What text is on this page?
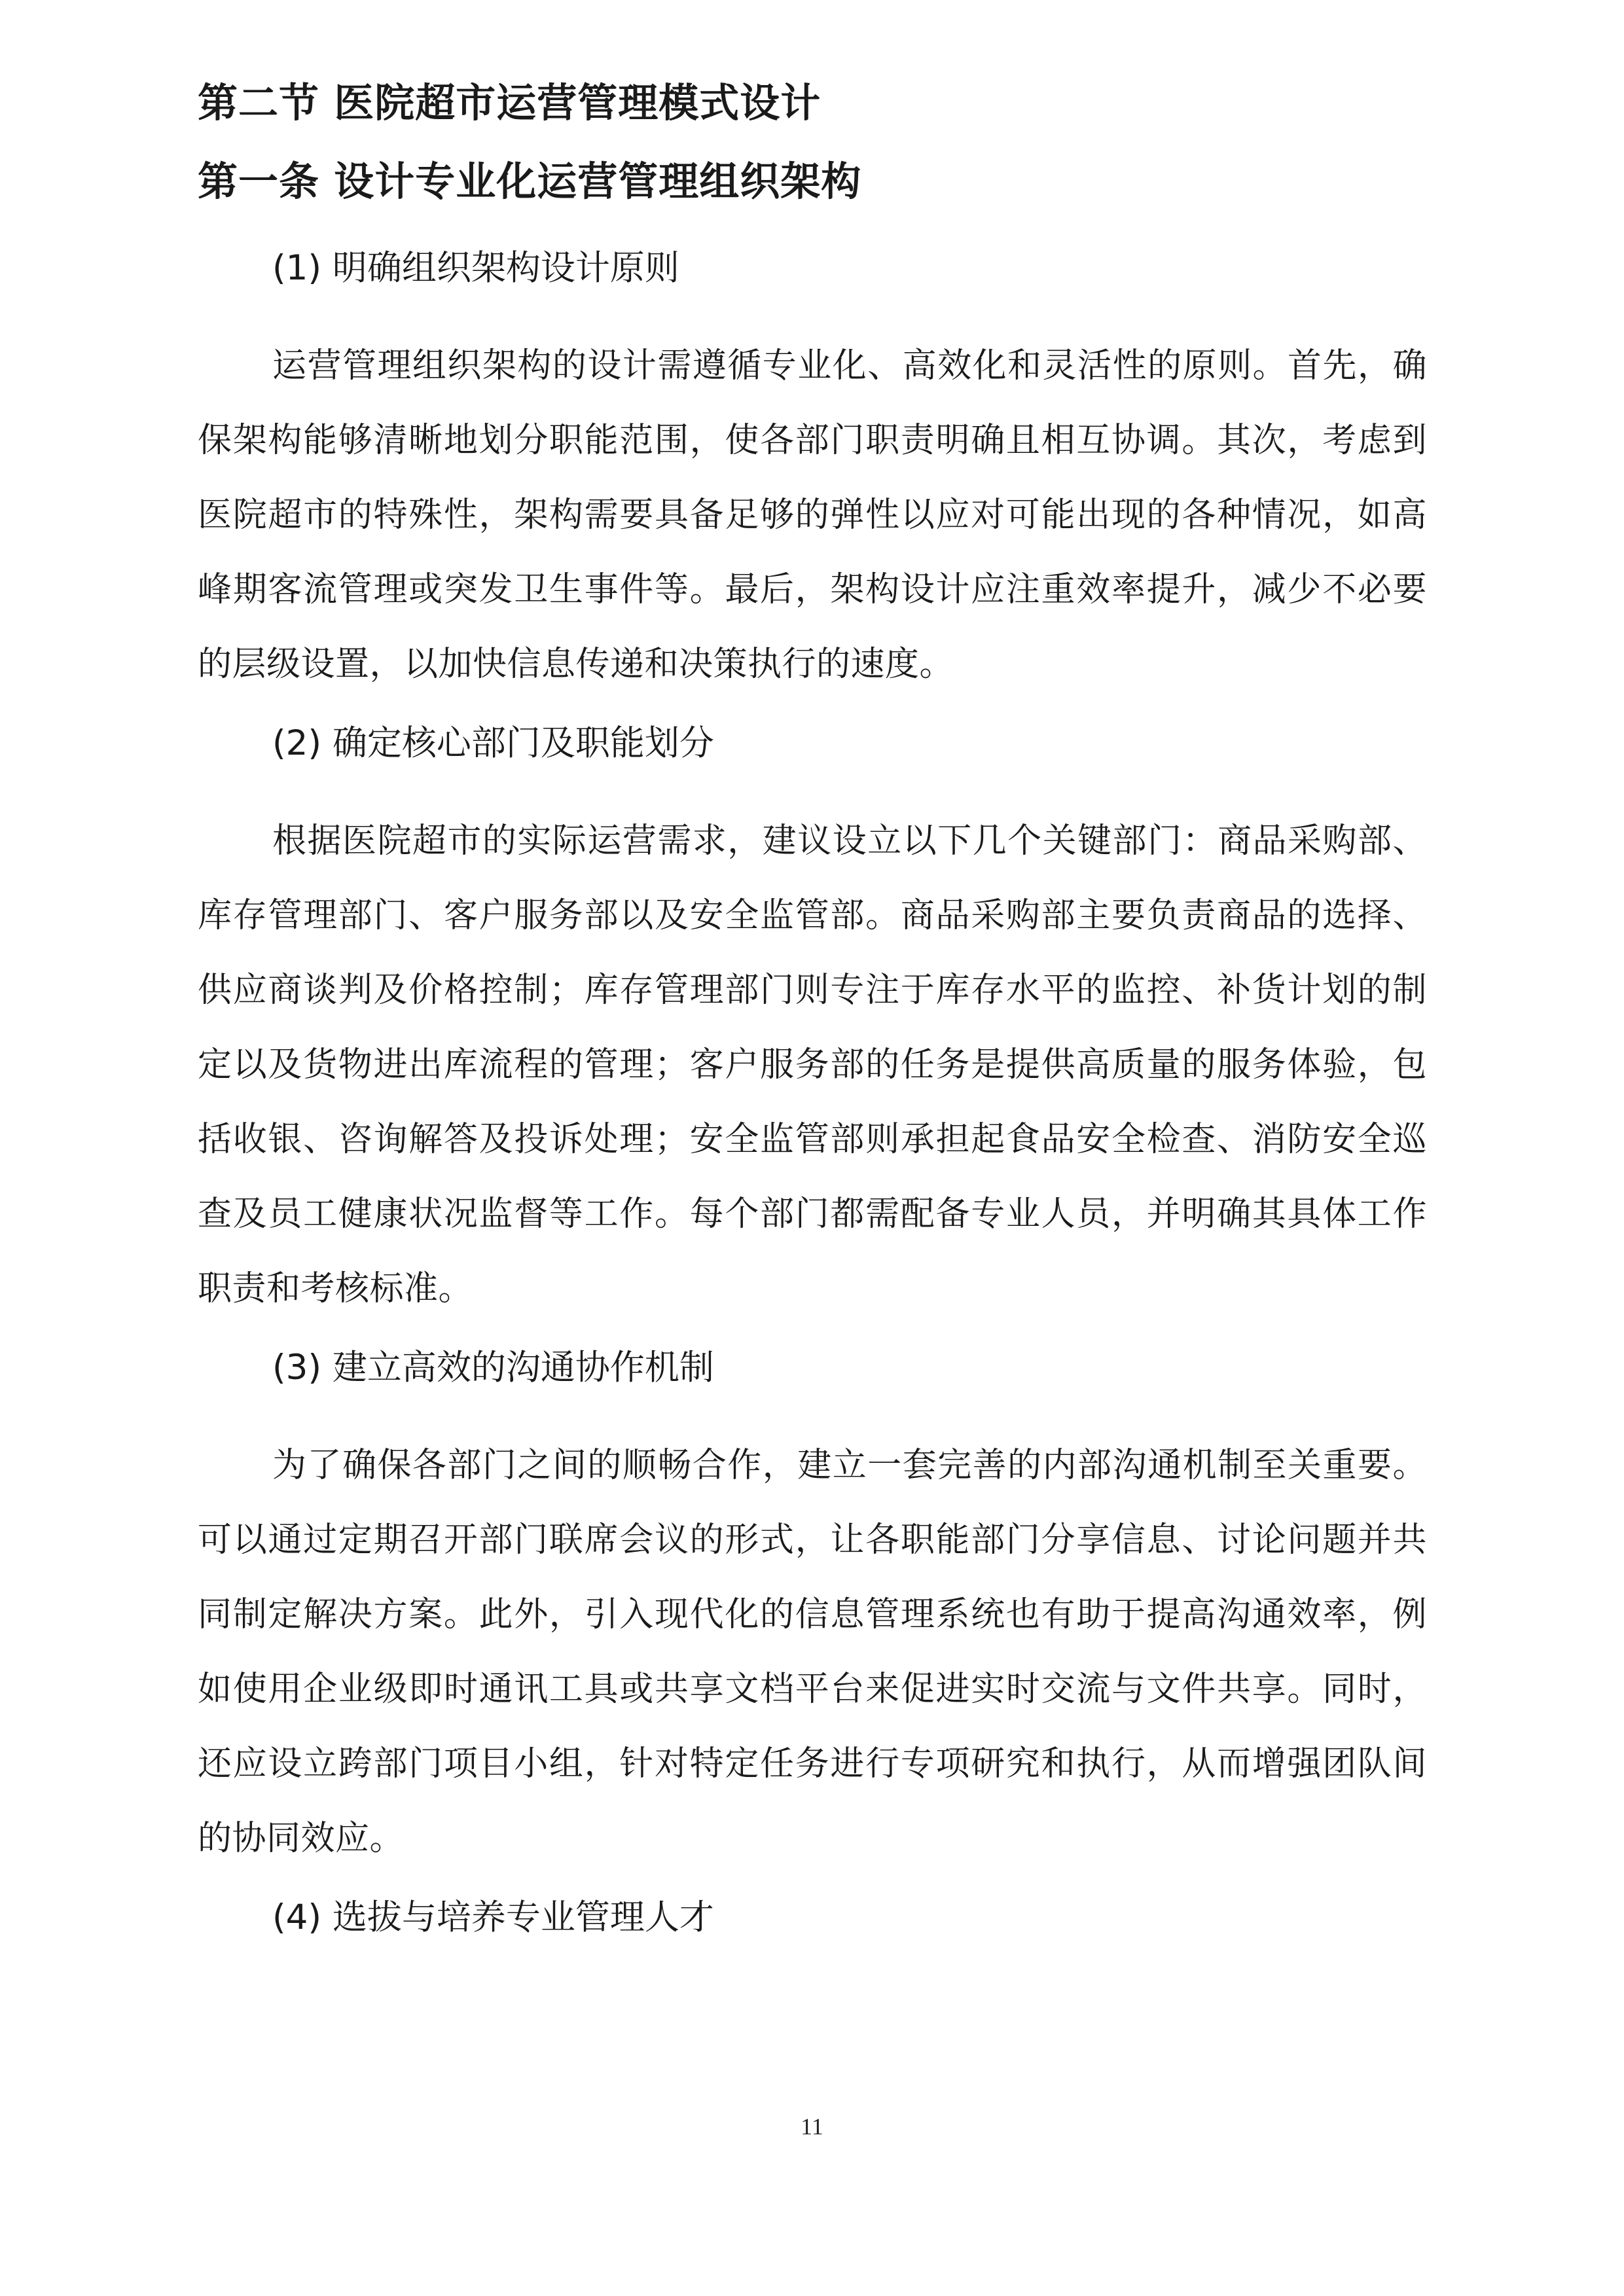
第二节 医院超市运营管理模式设计
第一条 设计专业化运营管理组织架构
(1) 明确组织架构设计原则

运营管理组织架构的设计需遵循专业化、高效化和灵活性的原则。首先，确保架构能够清晰地划分职能范围，使各部门职责明确且相互协调。其次，考虑到医院超市的特殊性，架构需要具备足够的弹性以应对可能出现的各种情况，如高峰期客流管理或突发卫生事件等。最后，架构设计应注重效率提升，减少不必要的层级设置，以加快信息传递和决策执行的速度。

(2) 确定核心部门及职能划分

根据医院超市的实际运营需求，建议设立以下几个关键部门：商品采购部、库存管理部门、客户服务部以及安全监管部。商品采购部主要负责商品的选择、供应商谈判及价格控制；库存管理部门则专注于库存水平的监控、补货计划的制定以及货物进出库流程的管理；客户服务部的任务是提供高质量的服务体验，包括收银、咨询解答及投诉处理；安全监管部则承担起食品安全检查、消防安全巡查及员工健康状况监督等工作。每个部门都需配备专业人员，并明确其具体工作职责和考核标准。

(3) 建立高效的沟通协作机制

为了确保各部门之间的顺畅合作，建立一套完善的内部沟通机制至关重要。可以通过定期召开部门联席会议的形式，让各职能部门分享信息、讨论问题并共同制定解决方案。此外，引入现代化的信息管理系统也有助于提高沟通效率，例如使用企业级即时通讯工具或共享文档平台来促进实时交流与文件共享。同时，还应设立跨部门项目小组，针对特定任务进行专项研究和执行，从而增强团队间的协同效应。

(4) 选拔与培养专业管理人才
11
